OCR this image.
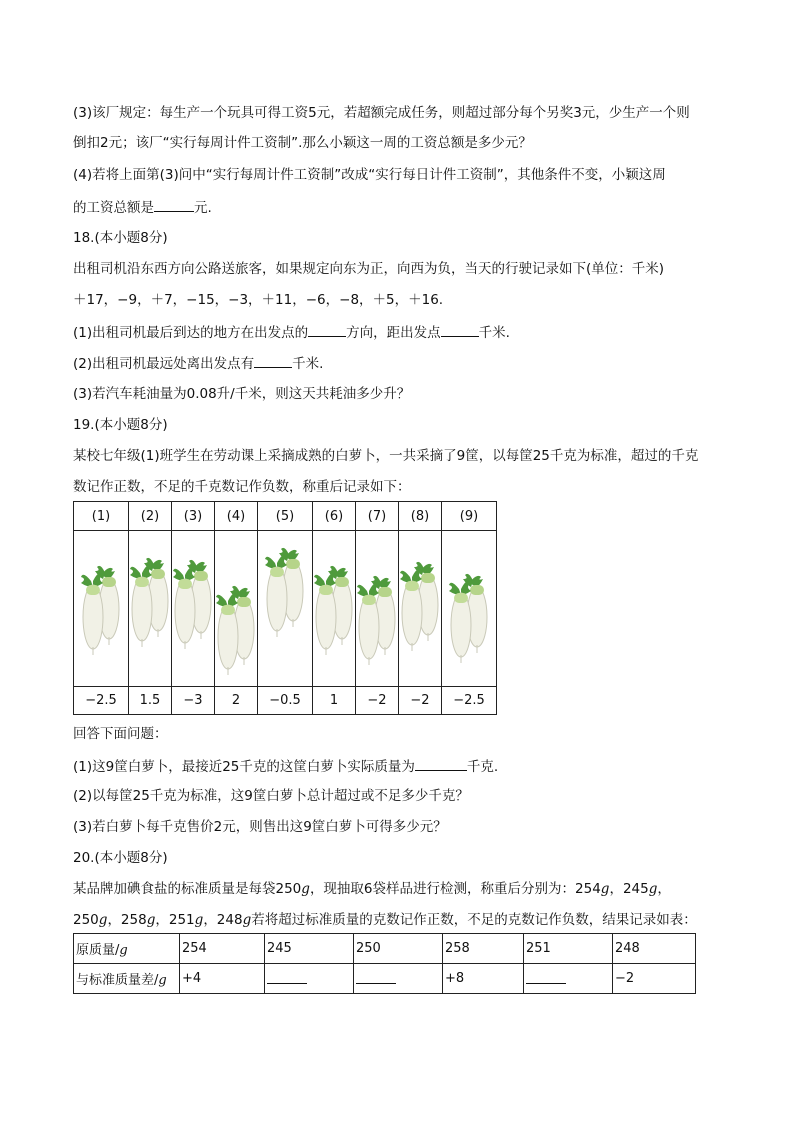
(3)该厂规定：每生产一个玩具可得工资5元，若超额完成任务，则超过部分每个另奖3元，少生产一个则
倒扣2元；该厂“实行每周计件工资制”.那么小颖这一周的工资总额是多少元？
(4)若将上面第(3)问中“实行每周计件工资制”改成“实行每日计件工资制”，其他条件不变，小颖这周
的工资总额是	元.
18.(本小题8分)
出租司机沿东西方向公路送旅客，如果规定向东为正，向西为负，当天的行驶记录如下(单位：千米)
＋17，−9，＋7，−15，−3，＋11，−6，−8，＋5，＋16.
(1)出租司机最后到达的地方在出发点的	方向，距出发点	千米.
(2)出租司机最远处离出发点有	千米.
(3)若汽车耗油量为0.08升/千米，则这天共耗油多少升？
19.(本小题8分)
某校七年级(1)班学生在劳动课上采摘成熟的白萝卜，一共采摘了9筐，以每筐25千克为标准，超过的千克
数记作正数，不足的千克数记作负数，称重后记录如下：
(1)	(2)	(3)	(4)	(5)	(6)	(7)	(8)	(9)

−2.5	1.5	−3	2	−0.5	1	−2	−2	−2.5
回答下面问题：
(1)这9筐白萝卜，最接近25千克的这筐白萝卜实际质量为	千克.
(2)以每筐25千克为标准，这9筐白萝卜总计超过或不足多少千克？
(3)若白萝卜每千克售价2元，则售出这9筐白萝卜可得多少元？
20.(本小题8分)
某品牌加碘食盐的标准质量是每袋250g，现抽取6袋样品进行检测，称重后分别为：254g，245g，
250g，258g，251g，248g若将超过标准质量的克数记作正数，不足的克数记作负数，结果记录如表：
原质量/g	254	245	250	258	251	248
与标准质量差/g	+4			+8		−2
